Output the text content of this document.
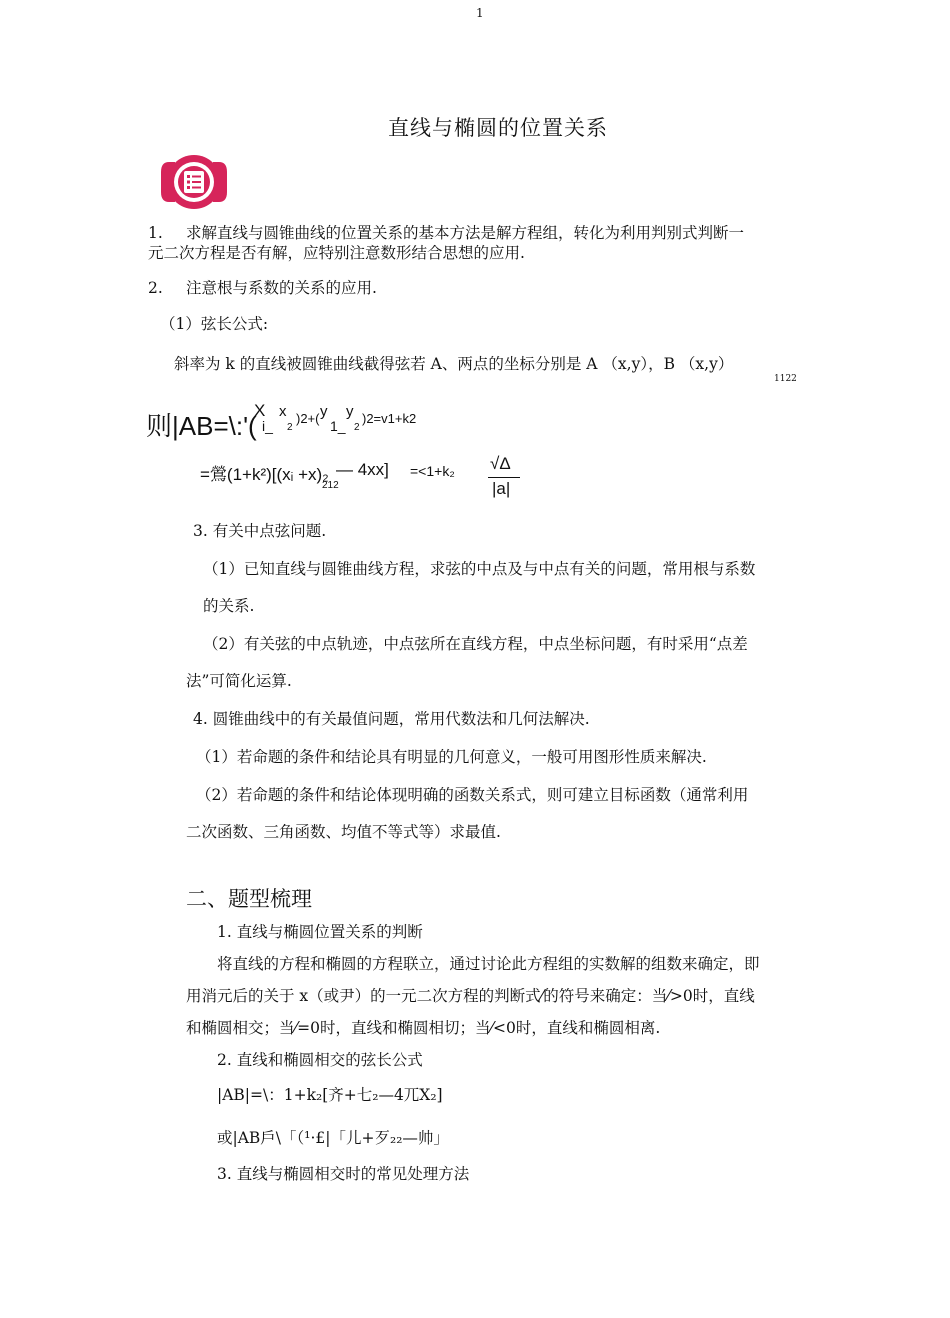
1
直线与椭圆的位置关系
1. 求解直线与圆锥曲线的位置关系的基本方法是解方程组，转化为利用判别式判断一
元二次方程是否有解，应特别注意数形结合思想的应用.
2. 注意根与系数的关系的应用.
（1）弦长公式:
斜率为 k 的直线被圆锥曲线截得弦若 A、两点的坐标分别是 A （x,y），B （x,y）
1122
则|AB=\:'(
X
i_
x
2
)2+( y
1_
y
2
)2=v1+k2
=鶯(1+k²)[(xᵢ +x)₂ — 4xx]
212
=<1+k₂ √Δ
|a|
3. 有关中点弦问题.
（1）已知直线与圆锥曲线方程，求弦的中点及与中点有关的问题，常用根与系数
的关系.
（2）有关弦的中点轨迹，中点弦所在直线方程，中点坐标问题，有时采用“点差
法”可简化运算.
4. 圆锥曲线中的有关最值问题，常用代数法和几何法解决.
（1）若命题的条件和结论具有明显的几何意义，一般可用图形性质来解决.
（2）若命题的条件和结论体现明确的函数关系式，则可建立目标函数（通常利用
二次函数、三角函数、均值不等式等）求最值.
二、题型梳理
1. 直线与椭圆位置关系的判断
将直线的方程和椭圆的方程联立，通过讨论此方程组的实数解的组数来确定，即
用消元后的关于 x（或尹）的一元二次方程的判断式⁄的符号来确定：当⁄>0时，直线
和椭圆相交；当⁄=0时，直线和椭圆相切；当⁄<0时，直线和椭圆相离.
2. 直线和椭圆相交的弦长公式
|AB|=\：1+k₂[齐+七₂—4兀X₂]
或|AB戶\「（¹·£|「儿+歹₂₂—帅」
3. 直线与椭圆相交时的常见处理方法
